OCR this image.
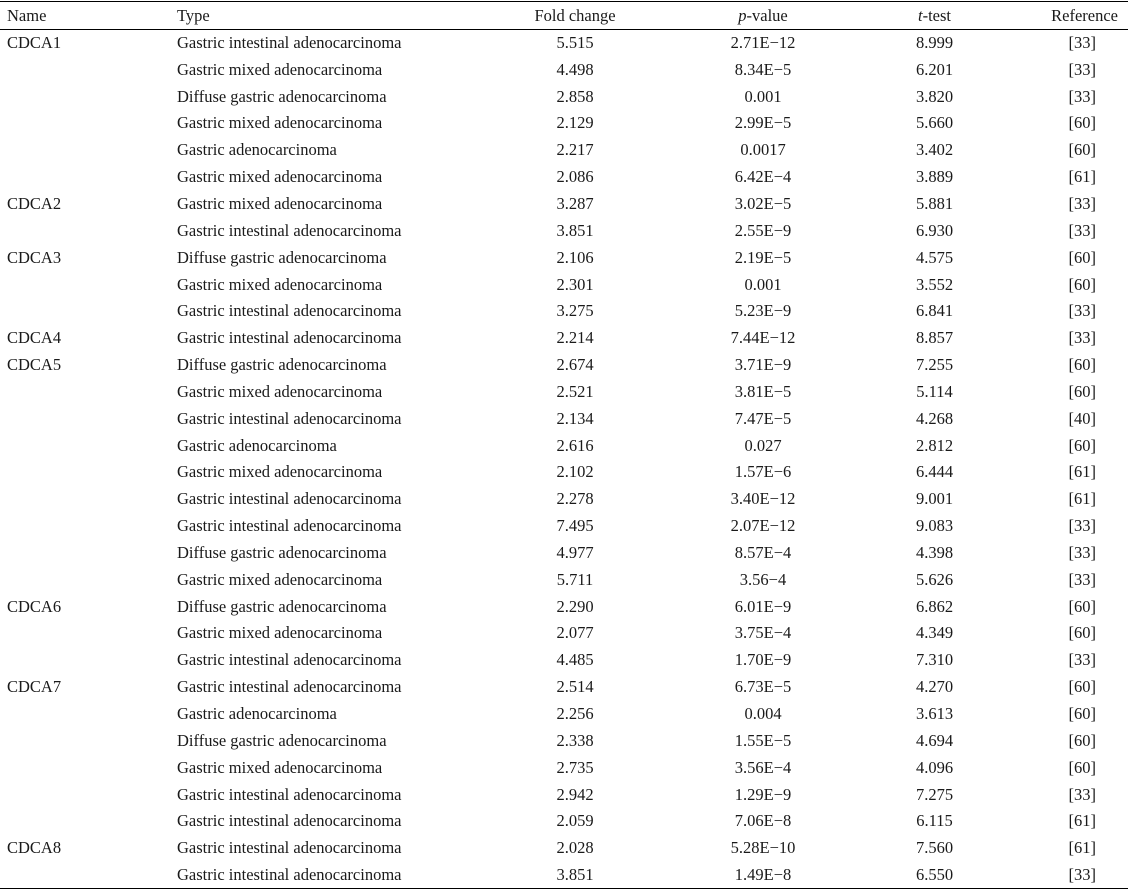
Name	Type	Fold change	p-value	t-test	Reference
CDCA1	Gastric intestinal adenocarcinoma	5.515	2.71E−12	8.999	[33]
	Gastric mixed adenocarcinoma	4.498	8.34E−5	6.201	[33]
	Diffuse gastric adenocarcinoma	2.858	0.001	3.820	[33]
	Gastric mixed adenocarcinoma	2.129	2.99E−5	5.660	[60]
	Gastric adenocarcinoma	2.217	0.0017	3.402	[60]
	Gastric mixed adenocarcinoma	2.086	6.42E−4	3.889	[61]
CDCA2	Gastric mixed adenocarcinoma	3.287	3.02E−5	5.881	[33]
	Gastric intestinal adenocarcinoma	3.851	2.55E−9	6.930	[33]
CDCA3	Diffuse gastric adenocarcinoma	2.106	2.19E−5	4.575	[60]
	Gastric mixed adenocarcinoma	2.301	0.001	3.552	[60]
	Gastric intestinal adenocarcinoma	3.275	5.23E−9	6.841	[33]
CDCA4	Gastric intestinal adenocarcinoma	2.214	7.44E−12	8.857	[33]
CDCA5	Diffuse gastric adenocarcinoma	2.674	3.71E−9	7.255	[60]
	Gastric mixed adenocarcinoma	2.521	3.81E−5	5.114	[60]
	Gastric intestinal adenocarcinoma	2.134	7.47E−5	4.268	[40]
	Gastric adenocarcinoma	2.616	0.027	2.812	[60]
	Gastric mixed adenocarcinoma	2.102	1.57E−6	6.444	[61]
	Gastric intestinal adenocarcinoma	2.278	3.40E−12	9.001	[61]
	Gastric intestinal adenocarcinoma	7.495	2.07E−12	9.083	[33]
	Diffuse gastric adenocarcinoma	4.977	8.57E−4	4.398	[33]
	Gastric mixed adenocarcinoma	5.711	3.56−4	5.626	[33]
CDCA6	Diffuse gastric adenocarcinoma	2.290	6.01E−9	6.862	[60]
	Gastric mixed adenocarcinoma	2.077	3.75E−4	4.349	[60]
	Gastric intestinal adenocarcinoma	4.485	1.70E−9	7.310	[33]
CDCA7	Gastric intestinal adenocarcinoma	2.514	6.73E−5	4.270	[60]
	Gastric adenocarcinoma	2.256	0.004	3.613	[60]
	Diffuse gastric adenocarcinoma	2.338	1.55E−5	4.694	[60]
	Gastric mixed adenocarcinoma	2.735	3.56E−4	4.096	[60]
	Gastric intestinal adenocarcinoma	2.942	1.29E−9	7.275	[33]
	Gastric intestinal adenocarcinoma	2.059	7.06E−8	6.115	[61]
CDCA8	Gastric intestinal adenocarcinoma	2.028	5.28E−10	7.560	[61]
	Gastric intestinal adenocarcinoma	3.851	1.49E−8	6.550	[33]
